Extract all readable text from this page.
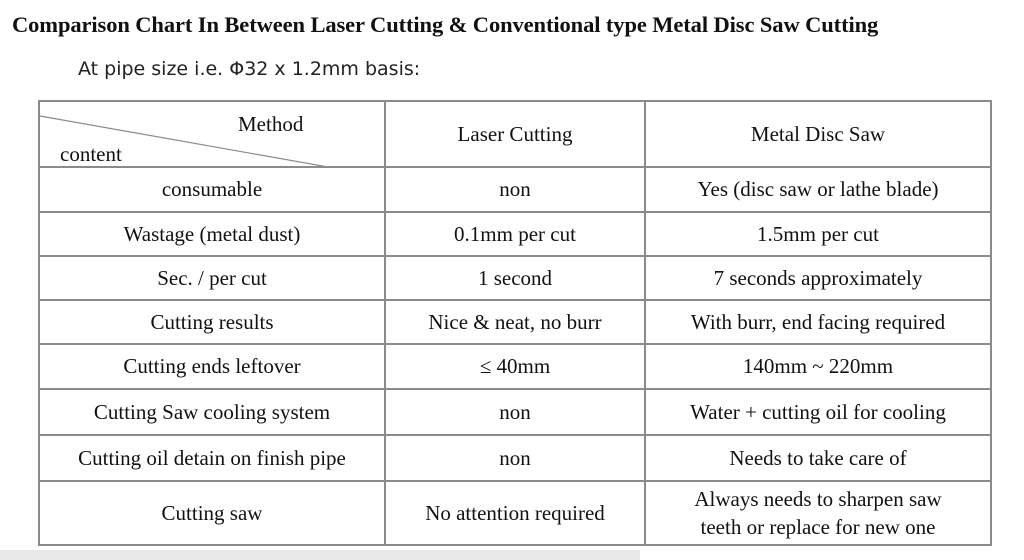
Comparison Chart In Between Laser Cutting & Conventional type Metal Disc Saw Cutting
At pipe size i.e. Φ32 x 1.2mm basis:
Method
content	Laser Cutting	Metal Disc Saw
consumable	non	Yes (disc saw or lathe blade)
Wastage (metal dust)	0.1mm per cut	1.5mm per cut
Sec. / per cut	1 second	7 seconds approximately
Cutting results	Nice & neat, no burr	With burr, end facing required
Cutting ends leftover	≤ 40mm	140mm ~ 220mm
Cutting Saw cooling system	non	Water + cutting oil for cooling
Cutting oil detain on finish pipe	non	Needs to take care of
Cutting saw	No attention required	Always needs to sharpen saw
teeth or replace for new one
